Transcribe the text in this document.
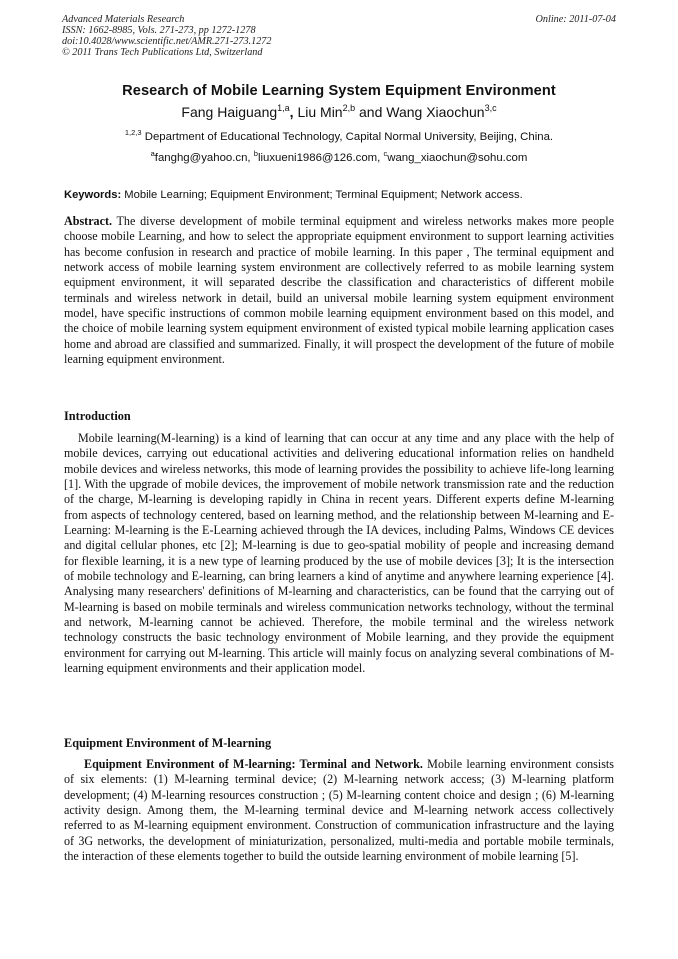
Advanced Materials Research
ISSN: 1662-8985, Vols. 271-273, pp 1272-1278
doi:10.4028/www.scientific.net/AMR.271-273.1272
© 2011 Trans Tech Publications Ltd, Switzerland
Online: 2011-07-04
Research of Mobile Learning System Equipment Environment
Fang Haiguang$^{1,a}$, Liu Min$^{2,b}$ and Wang Xiaochun$^{3,c}$
$^{1,2,3}$ Department of Educational Technology, Capital Normal University, Beijing, China.
$^a$fanghg@yahoo.cn, $^b$liuxueni1986@126.com, $^c$wang_xiaochun@sohu.com
Keywords: Mobile Learning; Equipment Environment; Terminal Equipment; Network access.
Abstract. The diverse development of mobile terminal equipment and wireless networks makes more people choose mobile Learning, and how to select the appropriate equipment environment to support learning activities has become confusion in research and practice of mobile learning. In this paper , The terminal equipment and network access of mobile learning system environment are collectively referred to as mobile learning system equipment environment, it will separated describe the classification and characteristics of different mobile terminals and wireless network in detail, build an universal mobile learning system equipment environment model, have specific instructions of common mobile learning equipment environment based on this model, and the choice of mobile learning system equipment environment of existed typical mobile learning application cases home and abroad are classified and summarized. Finally, it will prospect the development of the future of mobile learning equipment environment.
Introduction
Mobile learning(M-learning) is a kind of learning that can occur at any time and any place with the help of mobile devices, carrying out educational activities and delivering educational information relies on handheld mobile devices and wireless networks, this mode of learning provides the possibility to achieve life-long learning [1]. With the upgrade of mobile devices, the improvement of mobile network transmission rate and the reduction of the charge, M-learning is developing rapidly in China in recent years. Different experts define M-learning from aspects of technology centered, based on learning method, and the relationship between M-learning and E-Learning: M-learning is the E-Learning achieved through the IA devices, including Palms, Windows CE devices and digital cellular phones, etc [2]; M-learning is due to geo-spatial mobility of people and increasing demand for flexible learning, it is a new type of learning produced by the use of mobile devices [3]; It is the intersection of mobile technology and E-learning, can bring learners a kind of anytime and anywhere learning experience [4]. Analysing many researchers' definitions of M-learning and characteristics, can be found that the carrying out of M-learning is based on mobile terminals and wireless communication networks technology, without the terminal and network, M-learning cannot be achieved. Therefore, the mobile terminal and the wireless network technology constructs the basic technology environment of Mobile learning, and they provide the equipment environment for carrying out M-learning. This article will mainly focus on analyzing several combinations of M-learning equipment environments and their application model.
Equipment Environment of M-learning
Equipment Environment of M-learning: Terminal and Network. Mobile learning environment consists of six elements: (1) M-learning terminal device; (2) M-learning network access; (3) M-learning platform development; (4) M-learning resources construction ; (5) M-learning content choice and design ; (6) M-learning activity design. Among them, the M-learning terminal device and M-learning network access collectively referred to as M-learning equipment environment. Construction of communication infrastructure and the laying of 3G networks, the development of miniaturization, personalized, multi-media and portable mobile terminals, the interaction of these elements together to build the outside learning environment of mobile learning [5].
